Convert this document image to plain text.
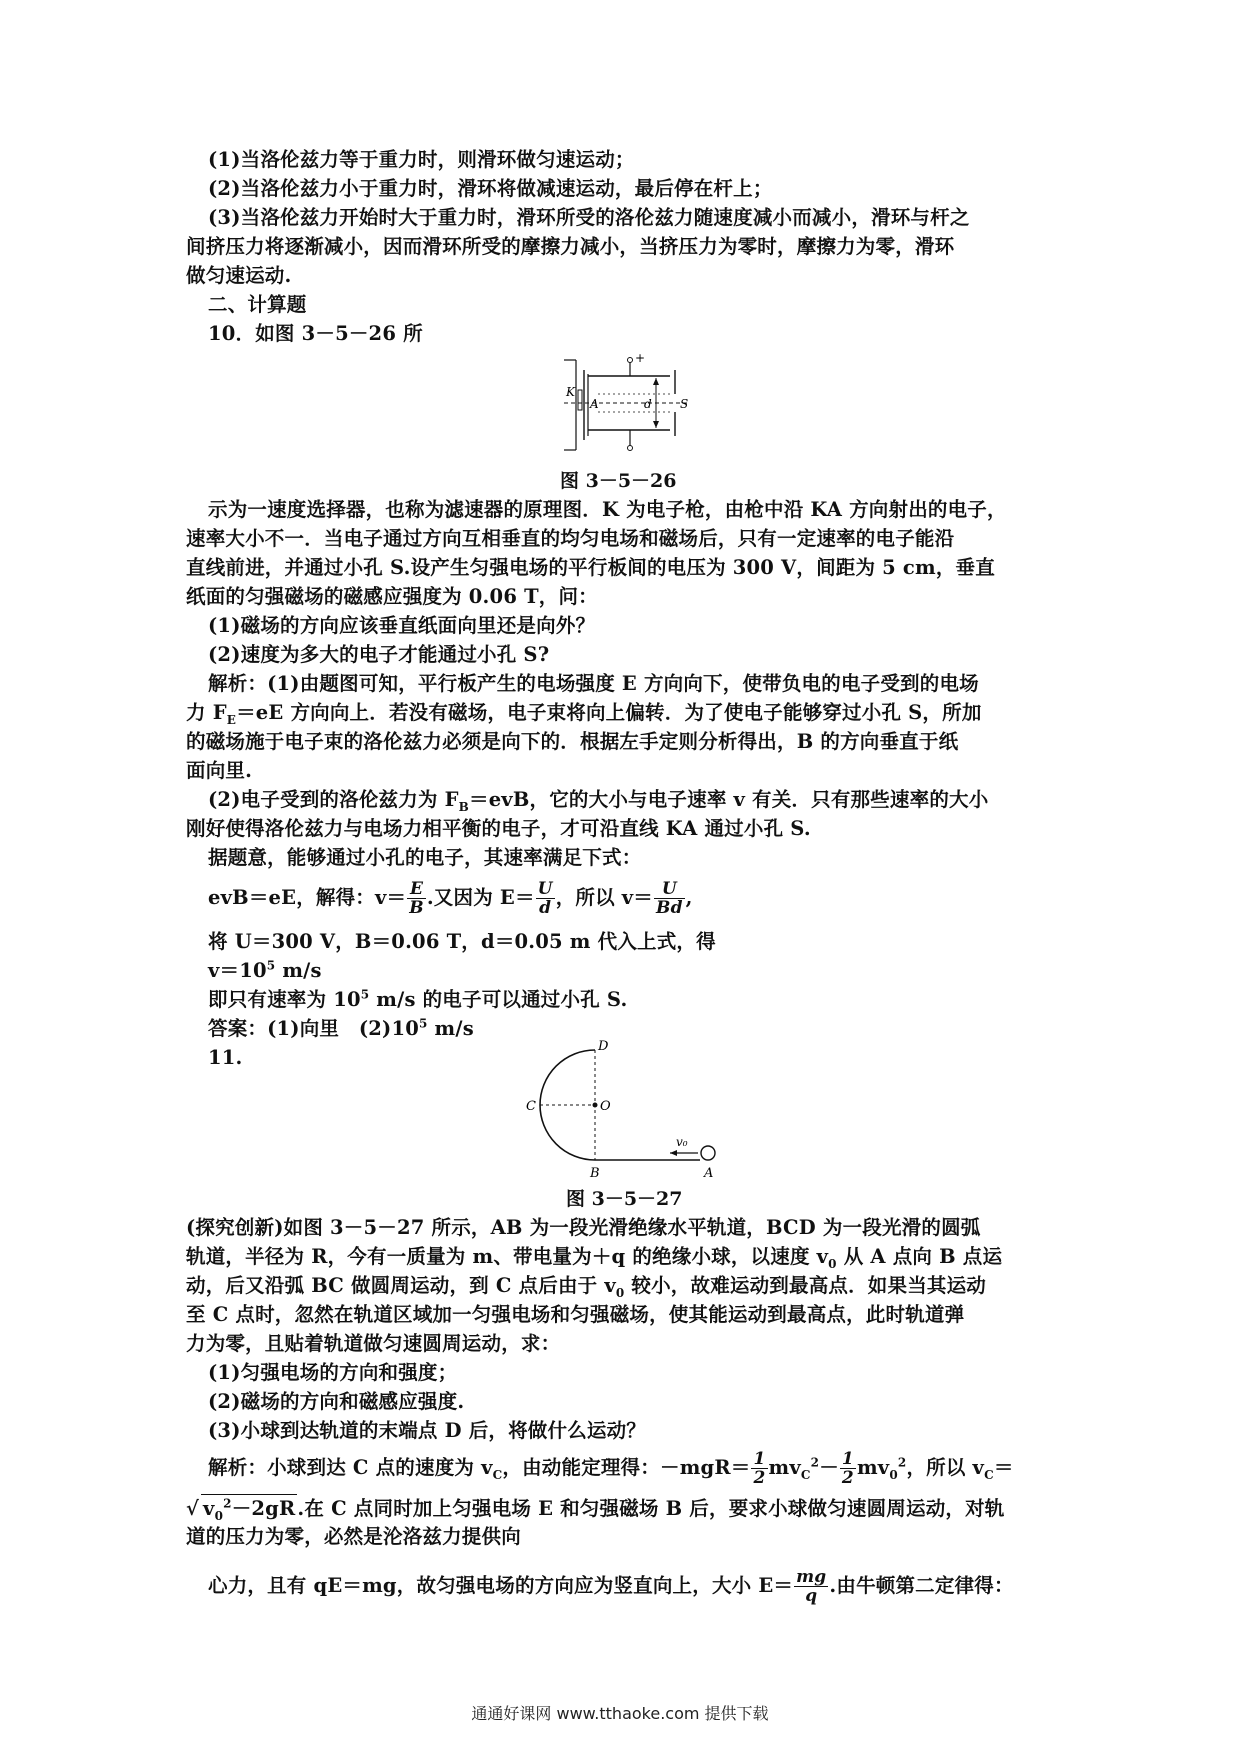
(1)当洛伦兹力等于重力时，则滑环做匀速运动；
(2)当洛伦兹力小于重力时，滑环将做减速运动，最后停在杆上；
(3)当洛伦兹力开始时大于重力时，滑环所受的洛伦兹力随速度减小而减小，滑环与杆之
间挤压力将逐渐减小，因而滑环所受的摩擦力减小，当挤压力为零时，摩擦力为零，滑环
做匀速运动.
二、计算题
10．如图 3－5－26 所
+
K
A	d S
图 3－5－26
示为一速度选择器，也称为滤速器的原理图．K 为电子枪，由枪中沿 KA 方向射出的电子，
速率大小不一．当电子通过方向互相垂直的均匀电场和磁场后，只有一定速率的电子能沿
直线前进，并通过小孔 S.设产生匀强电场的平行板间的电压为 300 V，间距为 5 cm，垂直
纸面的匀强磁场的磁感应强度为 0.06 T，问：
(1)磁场的方向应该垂直纸面向里还是向外？
(2)速度为多大的电子才能通过小孔 S?
解析：(1)由题图可知，平行板产生的电场强度 E 方向向下，使带负电的电子受到的电场
力 $F_E=eE$ 方向向上．若没有磁场，电子束将向上偏转．为了使电子能够穿过小孔 S，所加
的磁场施于电子束的洛伦兹力必须是向下的．根据左手定则分析得出，B 的方向垂直于纸
面向里.
(2)电子受到的洛伦兹力为 $F_B=evB$，它的大小与电子速率 v 有关．只有那些速率的大小
刚好使得洛伦兹力与电场力相平衡的电子，才可沿直线 KA 通过小孔 S.
据题意，能够通过小孔的电子，其速率满足下式：
evB＝eE，解得：$v= \frac{E}{B}$ .又因为 $E= \frac{U}{d}$ ，所以 $v= \frac{U}{Bd}$ ,
将 U＝300 V，B＝0.06 T，d＝0.05 m 代入上式，得
$v=10^5$ m/s
即只有速率为 $10^5$ m/s 的电子可以通过小孔 S.
答案：(1)向里　$(2)10^5$ m/s
11.	D
C	O
B	A
v₀
图 3－5－27
(探究创新)如图 3－5－27 所示，AB 为一段光滑绝缘水平轨道，BCD 为一段光滑的圆弧
轨道，半径为 R，今有一质量为 m、带电量为＋q 的绝缘小球，以速度 $v_0$ 从 A 点向 B 点运
动，后又沿弧 BC 做圆周运动，到 C 点后由于 $v_0$ 较小，故难运动到最高点．如果当其运动
至 C 点时，忽然在轨道区域加一匀强电场和匀强磁场，使其能运动到最高点，此时轨道弹
力为零，且贴着轨道做匀速圆周运动，求：
(1)匀强电场的方向和强度；
(2)磁场的方向和磁感应强度.
(3)小球到达轨道的末端点 D 后，将做什么运动？
解析：小球到达 C 点的速度为 $v_C$，由动能定理得：$-mgR= \frac{1}{2} mv_C^2- \frac{1}{2} mv_0^2$，所以 $v_C=$
√ $v_0^2-2gR$ .在 C 点同时加上匀强电场 E 和匀强磁场 B 后，要求小球做匀速圆周运动，对轨
道的压力为零，必然是沦洛兹力提供向
心力，且有 qE＝mg，故匀强电场的方向应为竖直向上，大小 $E= \frac{mg}{q}$ .由牛顿第二定律得：
通通好课网 www.tthaoke.com 提供下载
